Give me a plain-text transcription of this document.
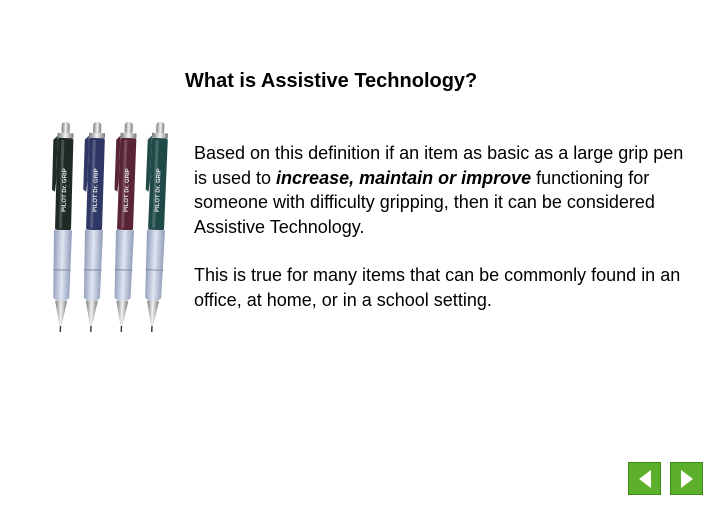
What is Assistive Technology?
PILOT Dr. GRIP	PILOT Dr. GRIP	PILOT Dr. GRIP	PILOT Dr. GRIP

Based on this definition if an item as basic as a large grip pen is used to increase, maintain or improve functioning for someone with difficulty gripping, then it can be considered Assistive Technology.

This is true for many items that can be commonly found in an office, at home, or in a school setting.
